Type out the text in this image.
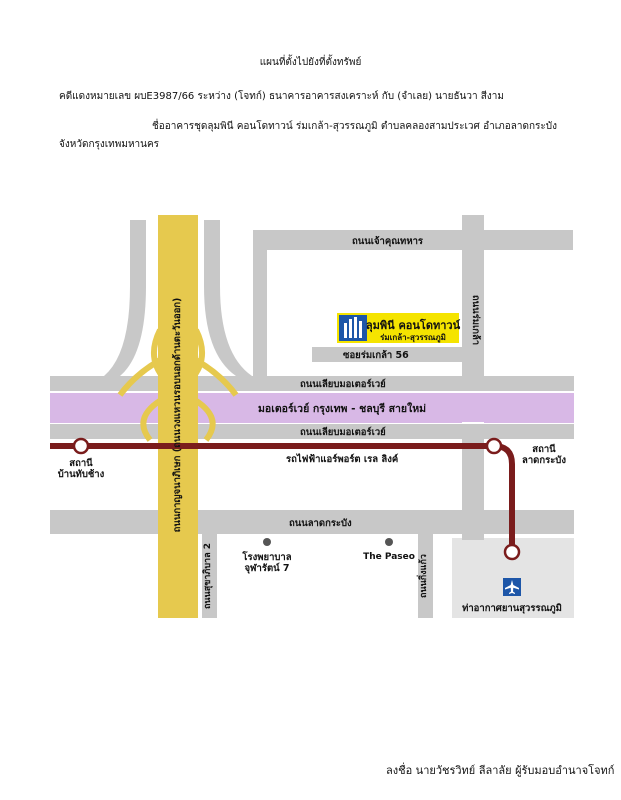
แผนที่ตั้งไปยังที่ตั้งทรัพย์
คดีแดงหมายเลข ผบE3987/66 ระหว่าง (โจทก์) ธนาคารอาคารสงเคราะห์ กับ (จำเลย) นายธันวา สีงาม
ชื่ออาคารชุดลุมพินี คอนโดทาวน์ ร่มเกล้า-สุวรรณภูมิ ตำบลคลองสามประเวศ อำเภอลาดกระบัง
จังหวัดกรุงเทพมหานคร
ลุมพินี คอนโดทาวน์
ร่มเกล้า-สุวรรณภูมิ
ถนนเจ้าคุณทหาร
ถนนร่มเกล้า
ซอยร่มเกล้า 56
ถนนเลียบมอเตอร์เวย์
มอเตอร์เวย์ กรุงเทพ - ชลบุรี สายใหม่
ถนนเลียบมอเตอร์เวย์
รถไฟฟ้าแอร์พอร์ต เรล ลิงค์
ถนนลาดกระบัง
ถนนกาญจนาภิเษก (ถนนวงแหวนรอบนอกด้านตะวันออก)
ถนนสุขาภิบาล 2	ถนนกิ่งแก้ว
สถานี
บ้านทับช้าง
สถานี
ลาดกระบัง
โรงพยาบาล
จุฬารัตน์ 7
The Paseo
ท่าอากาศยานสุวรรณภูมิ
ลงชื่อ นายวัชรวิทย์ ลีลาลัย ผู้รับมอบอำนาจโจทก์
